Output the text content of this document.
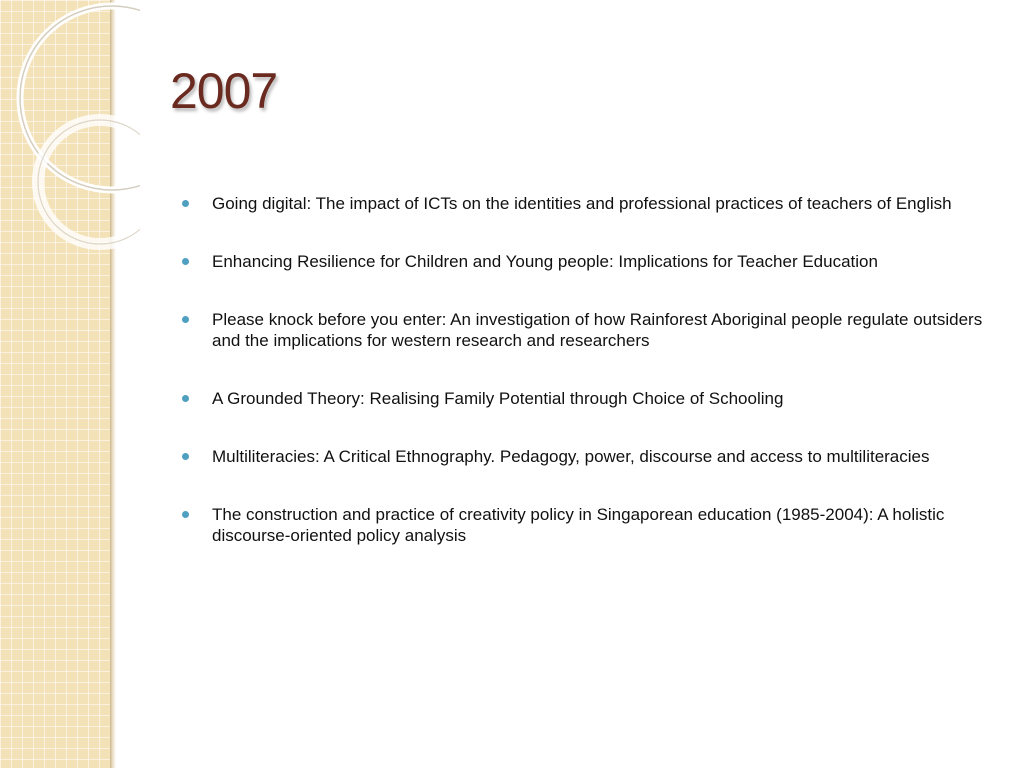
2007
Going digital: The impact of ICTs on the identities and professional practices of teachers of English
Enhancing Resilience for Children and Young people: Implications for Teacher Education
Please knock before you enter: An investigation of how Rainforest Aboriginal people regulate outsiders and the implications for western research and researchers
A Grounded Theory: Realising Family Potential through Choice of Schooling
Multiliteracies: A Critical Ethnography. Pedagogy, power, discourse and access to multiliteracies
The construction and practice of creativity policy in Singaporean education (1985-2004): A holistic discourse-oriented policy analysis
